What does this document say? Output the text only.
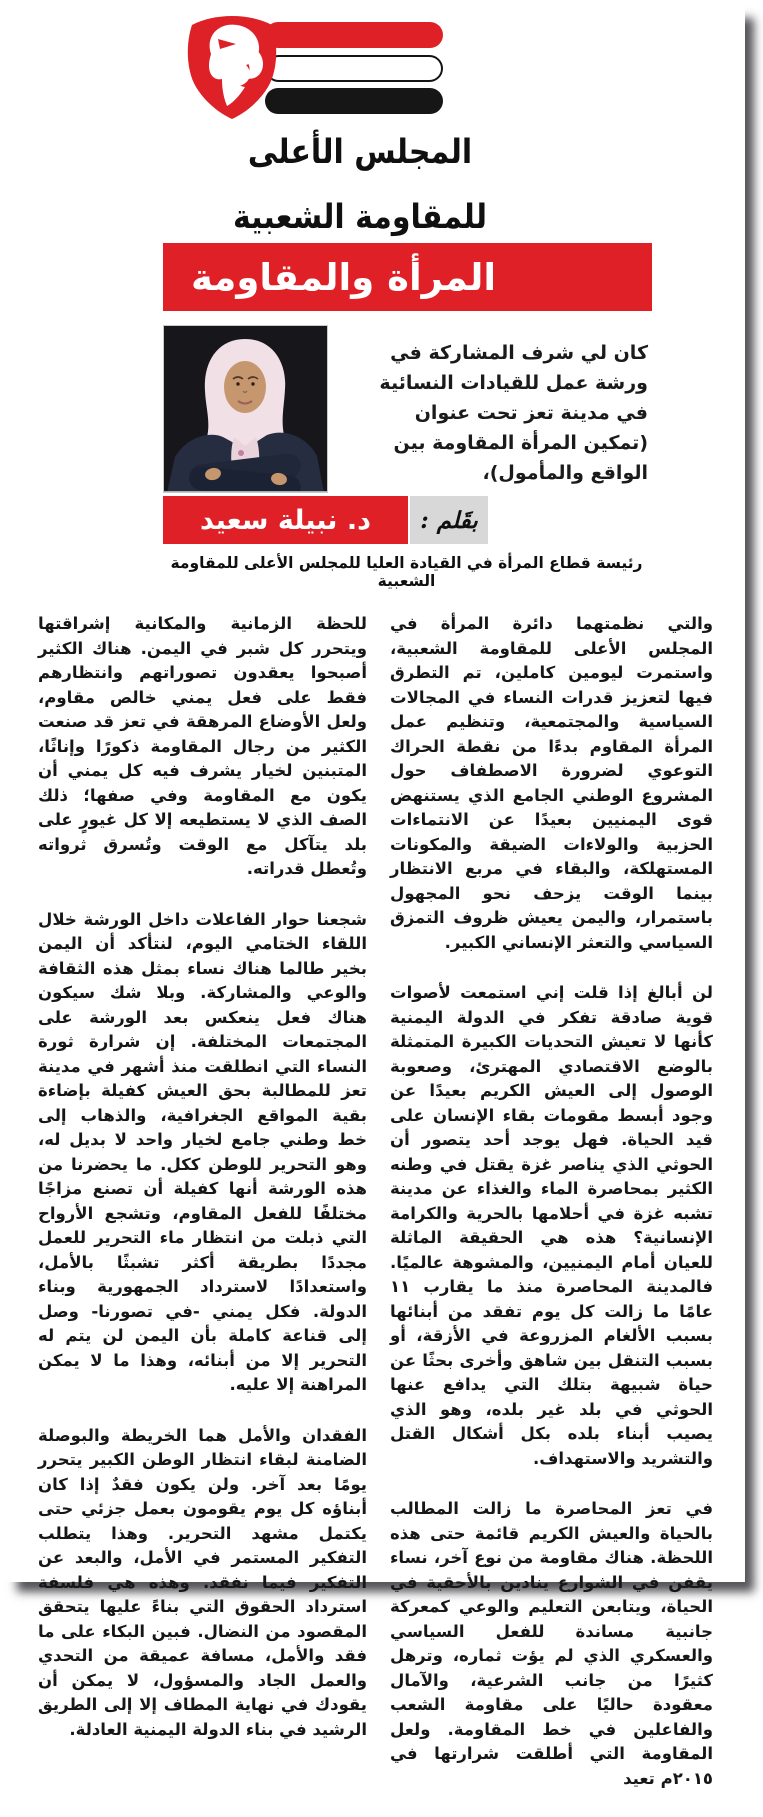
المجلس الأعلى للمقاومة الشعبية
المرأة والمقاومة
كان لي شرف المشاركة في ورشة عمل للقيادات النسائية في مدينة تعز تحت عنوان (تمكين المرأة المقاومة بين الواقع والمأمول)،
د. نبيلة سعيد بقَلم :
رئيسة قطاع المرأة في القيادة العليا للمجلس الأعلى للمقاومة الشعبية

والتي نظمتهما دائرة المرأة في المجلس الأعلى للمقاومة الشعبية، واستمرت ليومين كاملين، تم التطرق فيها لتعزيز قدرات النساء في المجالات السياسية والمجتمعية، وتنظيم عمل المرأة المقاوم بدءًا من نقطة الحراك التوعوي لضرورة الاصطفاف حول المشروع الوطني الجامع الذي يستنهض قوى اليمنيين بعيدًا عن الانتماءات الحزبية والولاءات الضيقة والمكونات المستهلكة، والبقاء في مربع الانتظار بينما الوقت يزحف نحو المجهول باستمرار، واليمن يعيش ظروف التمزق السياسي والتعثر الإنساني الكبير.

لن أبالغ إذا قلت إني استمعت لأصوات قوية صادقة تفكر في الدولة اليمنية كأنها لا تعيش التحديات الكبيرة المتمثلة بالوضع الاقتصادي المهترئ، وصعوبة الوصول إلى العيش الكريم بعيدًا عن وجود أبسط مقومات بقاء الإنسان على قيد الحياة. فهل يوجد أحد يتصور أن الحوثي الذي يناصر غزة يقتل في وطنه الكثير بمحاصرة الماء والغذاء عن مدينة تشبه غزة في أحلامها بالحرية والكرامة الإنسانية؟ هذه هي الحقيقة الماثلة للعيان أمام اليمنيين، والمشوهة عالميًا. فالمدينة المحاصرة منذ ما يقارب ١١ عامًا ما زالت كل يوم تفقد من أبنائها بسبب الألغام المزروعة في الأزقة، أو بسبب التنقل بين شاهق وأخرى بحثًا عن حياة شبيهة بتلك التي يدافع عنها الحوثي في بلد غير بلده، وهو الذي يصيب أبناء بلده بكل أشكال القتل والتشريد والاستهداف.

في تعز المحاصرة ما زالت المطالب بالحياة والعيش الكريم قائمة حتى هذه اللحظة. هناك مقاومة من نوع آخر، نساء يقفن في الشوارع ينادين بالأحقية في الحياة، ويتابعن التعليم والوعي كمعركة جانبية مساندة للفعل السياسي والعسكري الذي لم يؤت ثماره، وترهل كثيرًا من جانب الشرعية، والآمال معقودة حاليًا على مقاومة الشعب والفاعلين في خط المقاومة. ولعل المقاومة التي أطلقت شرارتها في ٢٠١٥م تعيد

للحظة الزمانية والمكانية إشراقتها ويتحرر كل شبر في اليمن. هناك الكثير أصبحوا يعقدون تصوراتهم وانتظارهم فقط على فعل يمني خالص مقاوم، ولعل الأوضاع المرهقة في تعز قد صنعت الكثير من رجال المقاومة ذكورًا وإناثًا، المتبنين لخيار يشرف فيه كل يمني أن يكون مع المقاومة وفي صفها؛ ذلك الصف الذي لا يستطيعه إلا كل غيورٍ على بلد يتآكل مع الوقت وتُسرق ثرواته وتُعطل قدراته.

شجعنا حوار الفاعلات داخل الورشة خلال اللقاء الختامي اليوم، لنتأكد أن اليمن بخير طالما هناك نساء بمثل هذه الثقافة والوعي والمشاركة. وبلا شك سيكون هناك فعل ينعكس بعد الورشة على المجتمعات المختلفة. إن شرارة ثورة النساء التي انطلقت منذ أشهر في مدينة تعز للمطالبة بحق العيش كفيلة بإضاءة بقية المواقع الجغرافية، والذهاب إلى خط وطني جامع لخيار واحد لا بديل له، وهو التحرير للوطن ككل. ما يحضرنا من هذه الورشة أنها كفيلة أن تصنع مزاجًا مختلفًا للفعل المقاوم، وتشجع الأرواح التي ذبلت من انتظار ماء التحرير للعمل مجددًا بطريقة أكثر تشبثًا بالأمل، واستعدادًا لاسترداد الجمهورية وبناء الدولة. فكل يمني -في تصورنا- وصل إلى قناعة كاملة بأن اليمن لن يتم له التحرير إلا من أبنائه، وهذا ما لا يمكن المراهنة إلا عليه.

الفقدان والأمل هما الخريطة والبوصلة الضامنة لبقاء انتظار الوطن الكبير يتحرر يومًا بعد آخر. ولن يكون فقدٌ إذا كان أبناؤه كل يوم يقومون بعمل جزئي حتى يكتمل مشهد التحرير. وهذا يتطلب التفكير المستمر في الأمل، والبعد عن التفكير فيما نفقد. وهذه هي فلسفة استرداد الحقوق التي بناءً عليها يتحقق المقصود من النضال. فبين البكاء على ما فقد والأمل، مسافة عميقة من التحدي والعمل الجاد والمسؤول، لا يمكن أن يقودك في نهاية المطاف إلا إلى الطريق الرشيد في بناء الدولة اليمنية العادلة.
